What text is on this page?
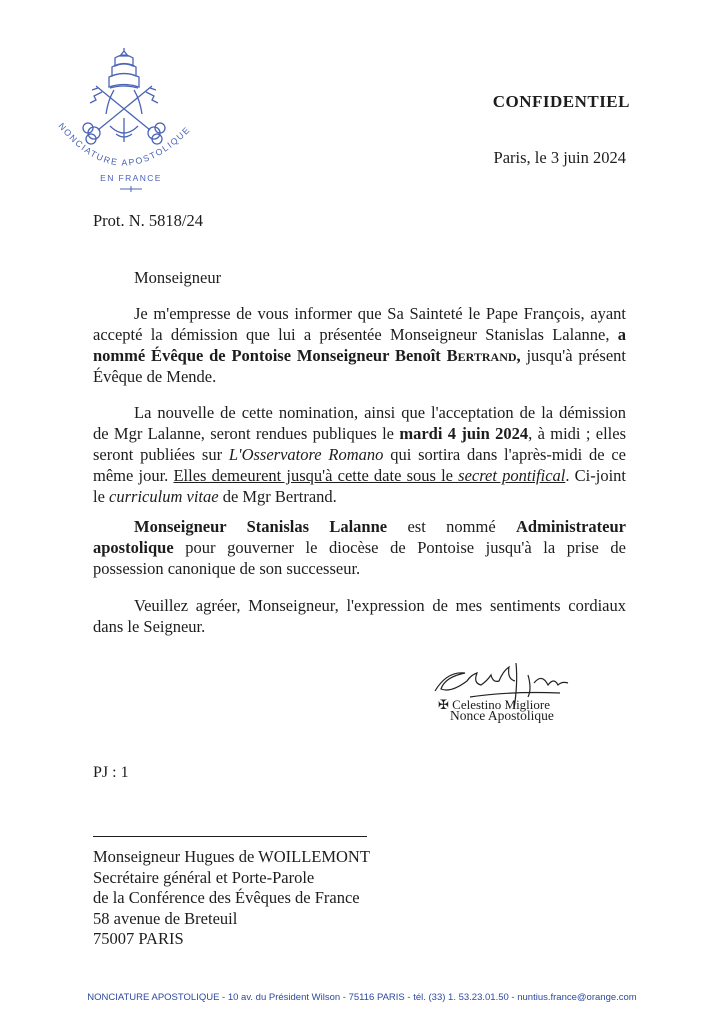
NONCIATURE APOSTOLIQUE
EN FRANCE
CONFIDENTIEL
Paris, le 3 juin 2024
Prot. N. 5818/24
Monseigneur
Je m'empresse de vous informer que Sa Sainteté le Pape François, ayant accepté la démission que lui a présentée Monseigneur Stanislas Lalanne, a nommé Évêque de Pontoise Monseigneur Benoît Bertrand, jusqu'à présent Évêque de Mende.
La nouvelle de cette nomination, ainsi que l'acceptation de la démission de Mgr Lalanne, seront rendues publiques le mardi 4 juin 2024, à midi ; elles seront publiées sur L'Osservatore Romano qui sortira dans l'après-midi de ce même jour. Elles demeurent jusqu'à cette date sous le secret pontifical. Ci-joint le curriculum vitae de Mgr Bertrand.
Monseigneur Stanislas Lalanne est nommé Administrateur apostolique pour gouverner le diocèse de Pontoise jusqu'à la prise de possession canonique de son successeur.
Veuillez agréer, Monseigneur, l'expression de mes sentiments cordiaux dans le Seigneur.
✠ Celestino Migliore
Nonce Apostolique
PJ : 1
Monseigneur Hugues de WOILLEMONT
Secrétaire général et Porte-Parole
de la Conférence des Évêques de France
58 avenue de Breteuil
75007 PARIS
NONCIATURE APOSTOLIQUE - 10 av. du Président Wilson - 75116 PARIS - tél. (33) 1. 53.23.01.50 - nuntius.france@orange.com
